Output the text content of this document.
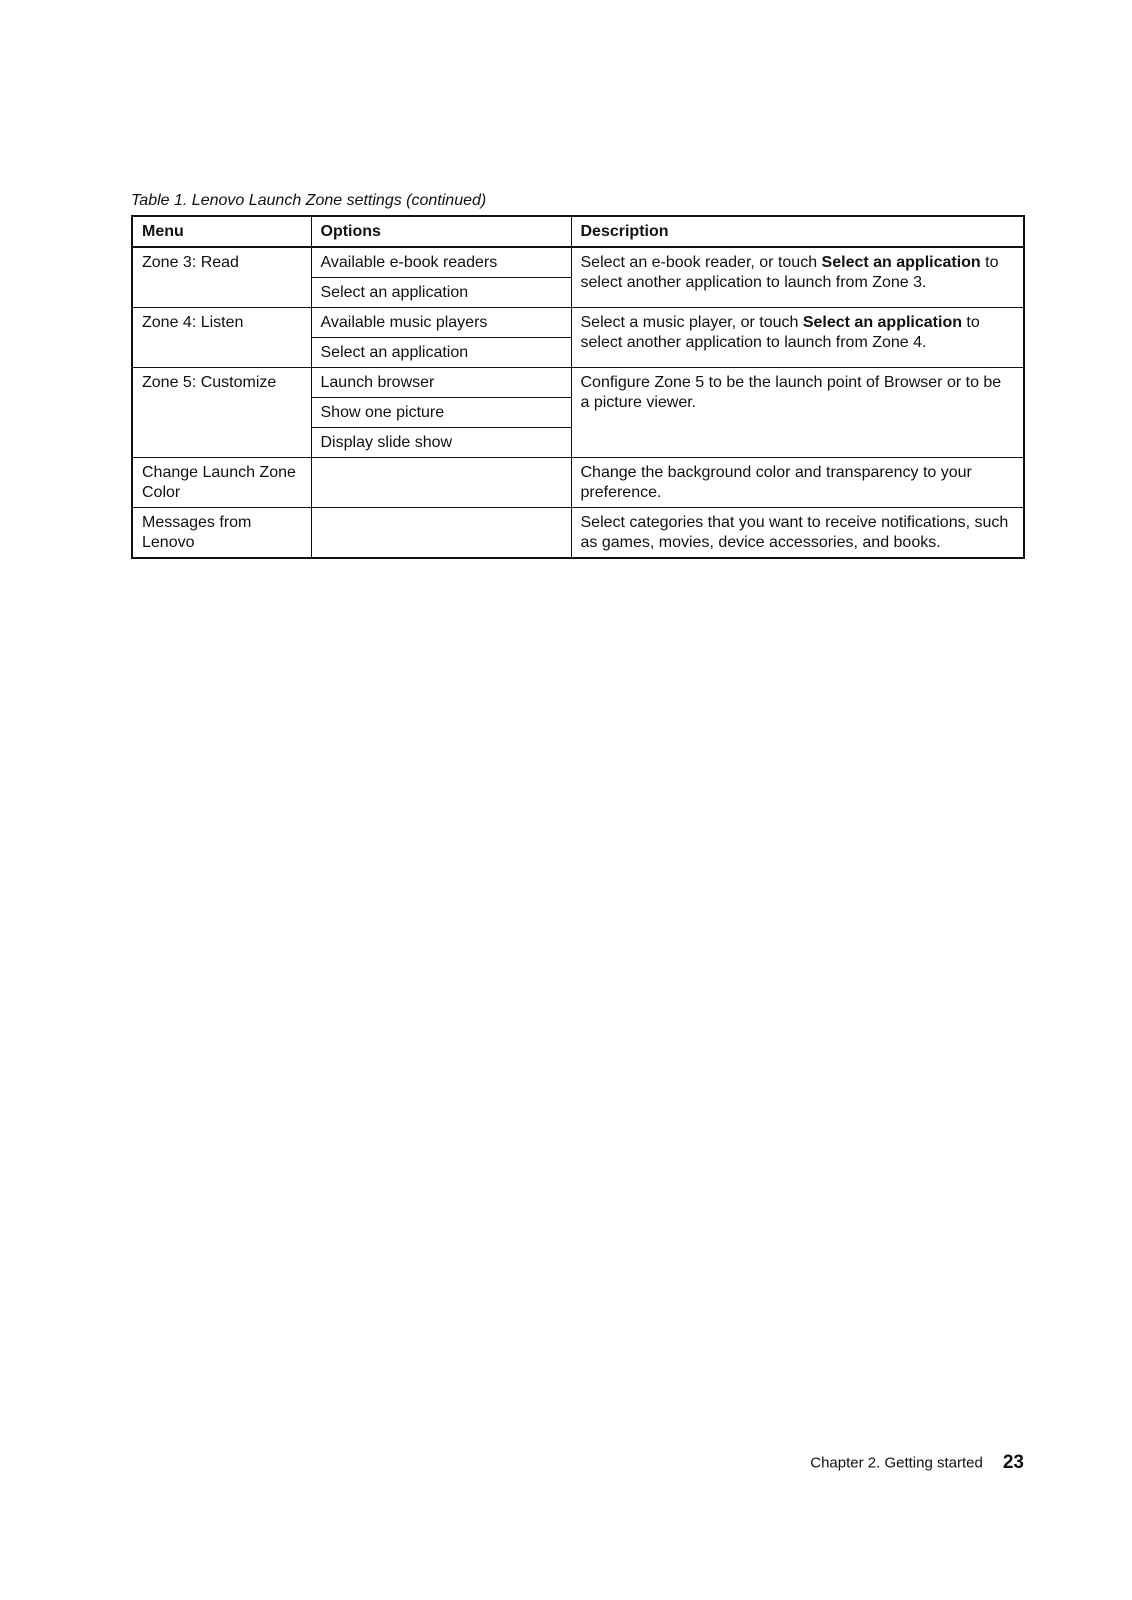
Table 1. Lenovo Launch Zone settings (continued)
Menu	Options	Description
Zone 3: Read	Available e-book readers	Select an e-book reader, or touch Select an application to select another application to launch from Zone 3.
	Select an application	
Zone 4: Listen	Available music players	Select a music player, or touch Select an application to select another application to launch from Zone 4.
	Select an application	
Zone 5: Customize	Launch browser	Configure Zone 5 to be the launch point of Browser or to be a picture viewer.
	Show one picture	
	Display slide show	
Change Launch Zone Color		Change the background color and transparency to your preference.
Messages from Lenovo		Select categories that you want to receive notifications, such as games, movies, device accessories, and books.
Chapter 2. Getting started 23
